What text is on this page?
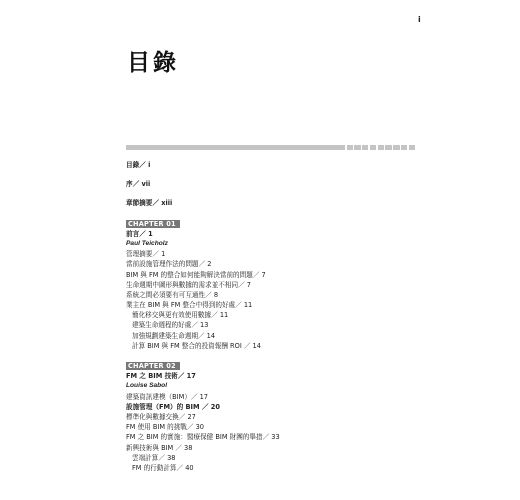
i
目錄
目錄／ i
序／ vii
章節摘要／ xiii
CHAPTER 01
前言／ 1
Paul Teicholz
管理摘要／ 1
當前設施管理作法的問題／ 2
BIM 與 FM 的整合如何能夠解決當前的問題／ 7
生命週期中圖形與數據的需求並不相同／ 7
系統之間必須要有可互通性／ 8
業主在 BIM 與 FM 整合中得到的好處／ 11
簡化移交與更有效使用數據／ 11
建築生命週程的好處／ 13
加強規劃建築生命週期／ 14
計算 BIM 與 FM 整合的投資報酬 ROI ／ 14
CHAPTER 02
FM 之 BIM 技術／ 17
Louise Sabol
建築資訊建模（BIM）／ 17
設施管理（FM）的 BIM ／ 20
標準化與數據交換／ 27
FM 使用 BIM 的挑戰／ 30
FM 之 BIM 的實施：醫療保健 BIM 財團的舉措／ 33
新興技術與 BIM ／ 38
雲端計算／ 38
FM 的行動計算／ 40
